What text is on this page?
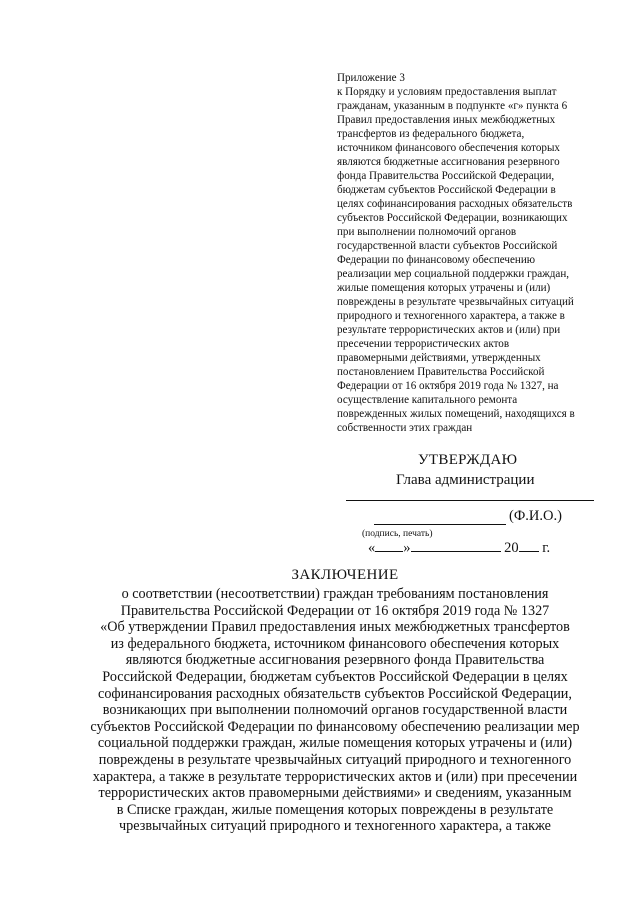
Приложение 3
к Порядку и условиям предоставления выплат
гражданам, указанным в подпункте «г» пункта 6
Правил предоставления иных межбюджетных
трансфертов из федерального бюджета,
источником финансового обеспечения которых
являются бюджетные ассигнования резервного
фонда Правительства Российской Федерации,
бюджетам субъектов Российской Федерации в
целях софинансирования расходных обязательств
субъектов Российской Федерации, возникающих
при выполнении полномочий органов
государственной власти субъектов Российской
Федерации по финансовому обеспечению
реализации мер социальной поддержки граждан,
жилые помещения которых утрачены и (или)
повреждены в результате чрезвычайных ситуаций
природного и техногенного характера, а также в
результате террористических актов и (или) при
пресечении террористических актов
правомерными действиями, утвержденных
постановлением Правительства Российской
Федерации от 16 октября 2019 года № 1327, на
осуществление капитального ремонта
поврежденных жилых помещений, находящихся в
собственности этих граждан
УТВЕРЖДАЮ
Глава администрации
(Ф.И.О.)
(подпись, печать)
« »	20 г.
ЗАКЛЮЧЕНИЕ
о соответствии (несоответствии) граждан требованиям постановления
Правительства Российской Федерации от 16 октября 2019 года № 1327
«Об утверждении Правил предоставления иных межбюджетных трансфертов
из федерального бюджета, источником финансового обеспечения которых
являются бюджетные ассигнования резервного фонда Правительства
Российской Федерации, бюджетам субъектов Российской Федерации в целях
софинансирования расходных обязательств субъектов Российской Федерации,
возникающих при выполнении полномочий органов государственной власти
субъектов Российской Федерации по финансовому обеспечению реализации мер
социальной поддержки граждан, жилые помещения которых утрачены и (или)
повреждены в результате чрезвычайных ситуаций природного и техногенного
характера, а также в результате террористических актов и (или) при пресечении
террористических актов правомерными действиями» и сведениям, указанным
в Списке граждан, жилые помещения которых повреждены в результате
чрезвычайных ситуаций природного и техногенного характера, а также
